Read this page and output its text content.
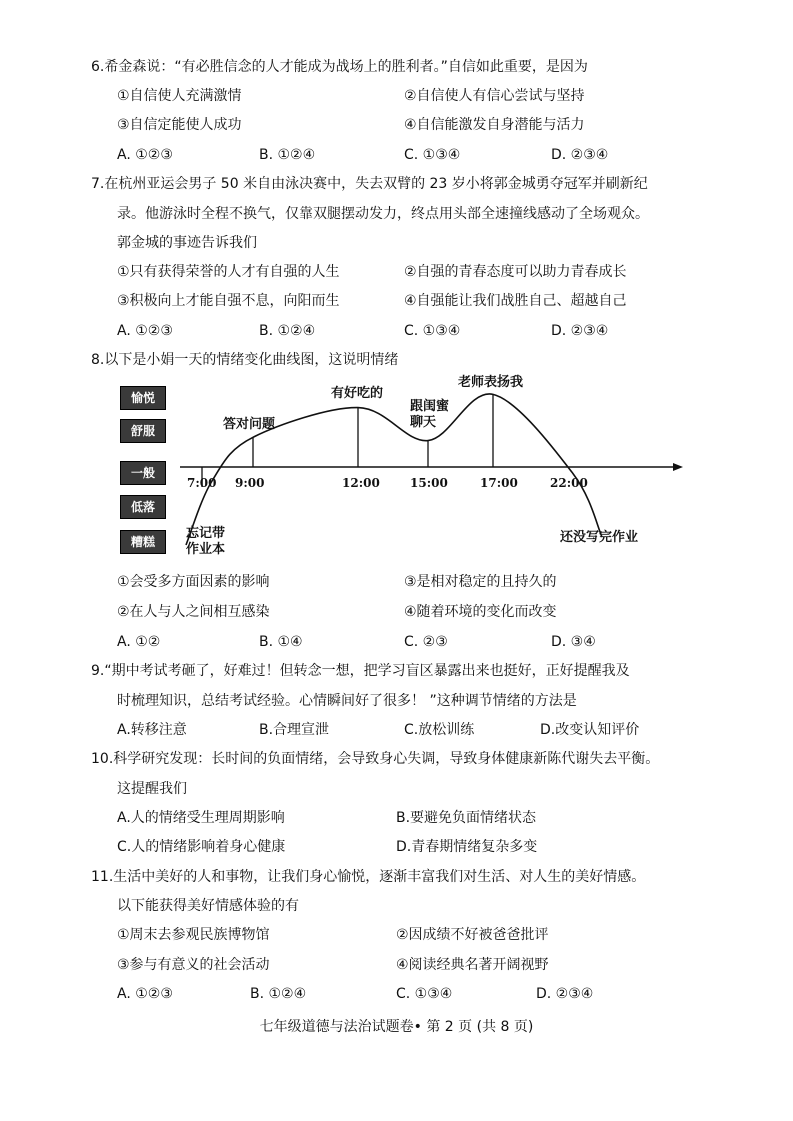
6.希金森说：“有必胜信念的人才能成为战场上的胜利者。”自信如此重要，是因为
①自信使人充满激情	②自信使人有信心尝试与坚持
③自信定能使人成功	④自信能激发自身潜能与活力
A. ①②③	B. ①②④	C. ①③④	D. ②③④
7.在杭州亚运会男子 50 米自由泳决赛中，失去双臂的 23 岁小将郭金城勇夺冠军并刷新纪
录。他游泳时全程不换气，仅靠双腿摆动发力，终点用头部全速撞线感动了全场观众。
郭金城的事迹告诉我们
①只有获得荣誉的人才有自强的人生	②自强的青春态度可以助力青春成长
③积极向上才能自强不息，向阳而生	④自强能让我们战胜自己、超越自己
A. ①②③	B. ①②④	C. ①③④	D. ②③④
8.以下是小娟一天的情绪变化曲线图，这说明情绪
愉悦
舒服
一般
低落
糟糕
7:00 9:00	12:00	15:00	17:00	22:00
忘记带
作业本
答对问题
有好吃的
跟闺蜜
聊天
老师表扬我
还没写完作业
①会受多方面因素的影响	③是相对稳定的且持久的
②在人与人之间相互感染	④随着环境的变化而改变
A. ①②	B. ①④	C. ②③	D. ③④
9.“期中考试考砸了，好难过！但转念一想，把学习盲区暴露出来也挺好，正好提醒我及
时梳理知识，总结考试经验。心情瞬间好了很多！ ”这种调节情绪的方法是
A.转移注意	B.合理宣泄	C.放松训练	D.改变认知评价
10.科学研究发现：长时间的负面情绪，会导致身心失调，导致身体健康新陈代谢失去平衡。
这提醒我们
A.人的情绪受生理周期影响	B.要避免负面情绪状态
C.人的情绪影响着身心健康	D.青春期情绪复杂多变
11.生活中美好的人和事物，让我们身心愉悦，逐渐丰富我们对生活、对人生的美好情感。
以下能获得美好情感体验的有
①周末去参观民族博物馆	②因成绩不好被爸爸批评
③参与有意义的社会活动	④阅读经典名著开阔视野
A. ①②③	B. ①②④	C. ①③④	D. ②③④
七年级道德与法治试题卷• 第 2 页 (共 8 页)
